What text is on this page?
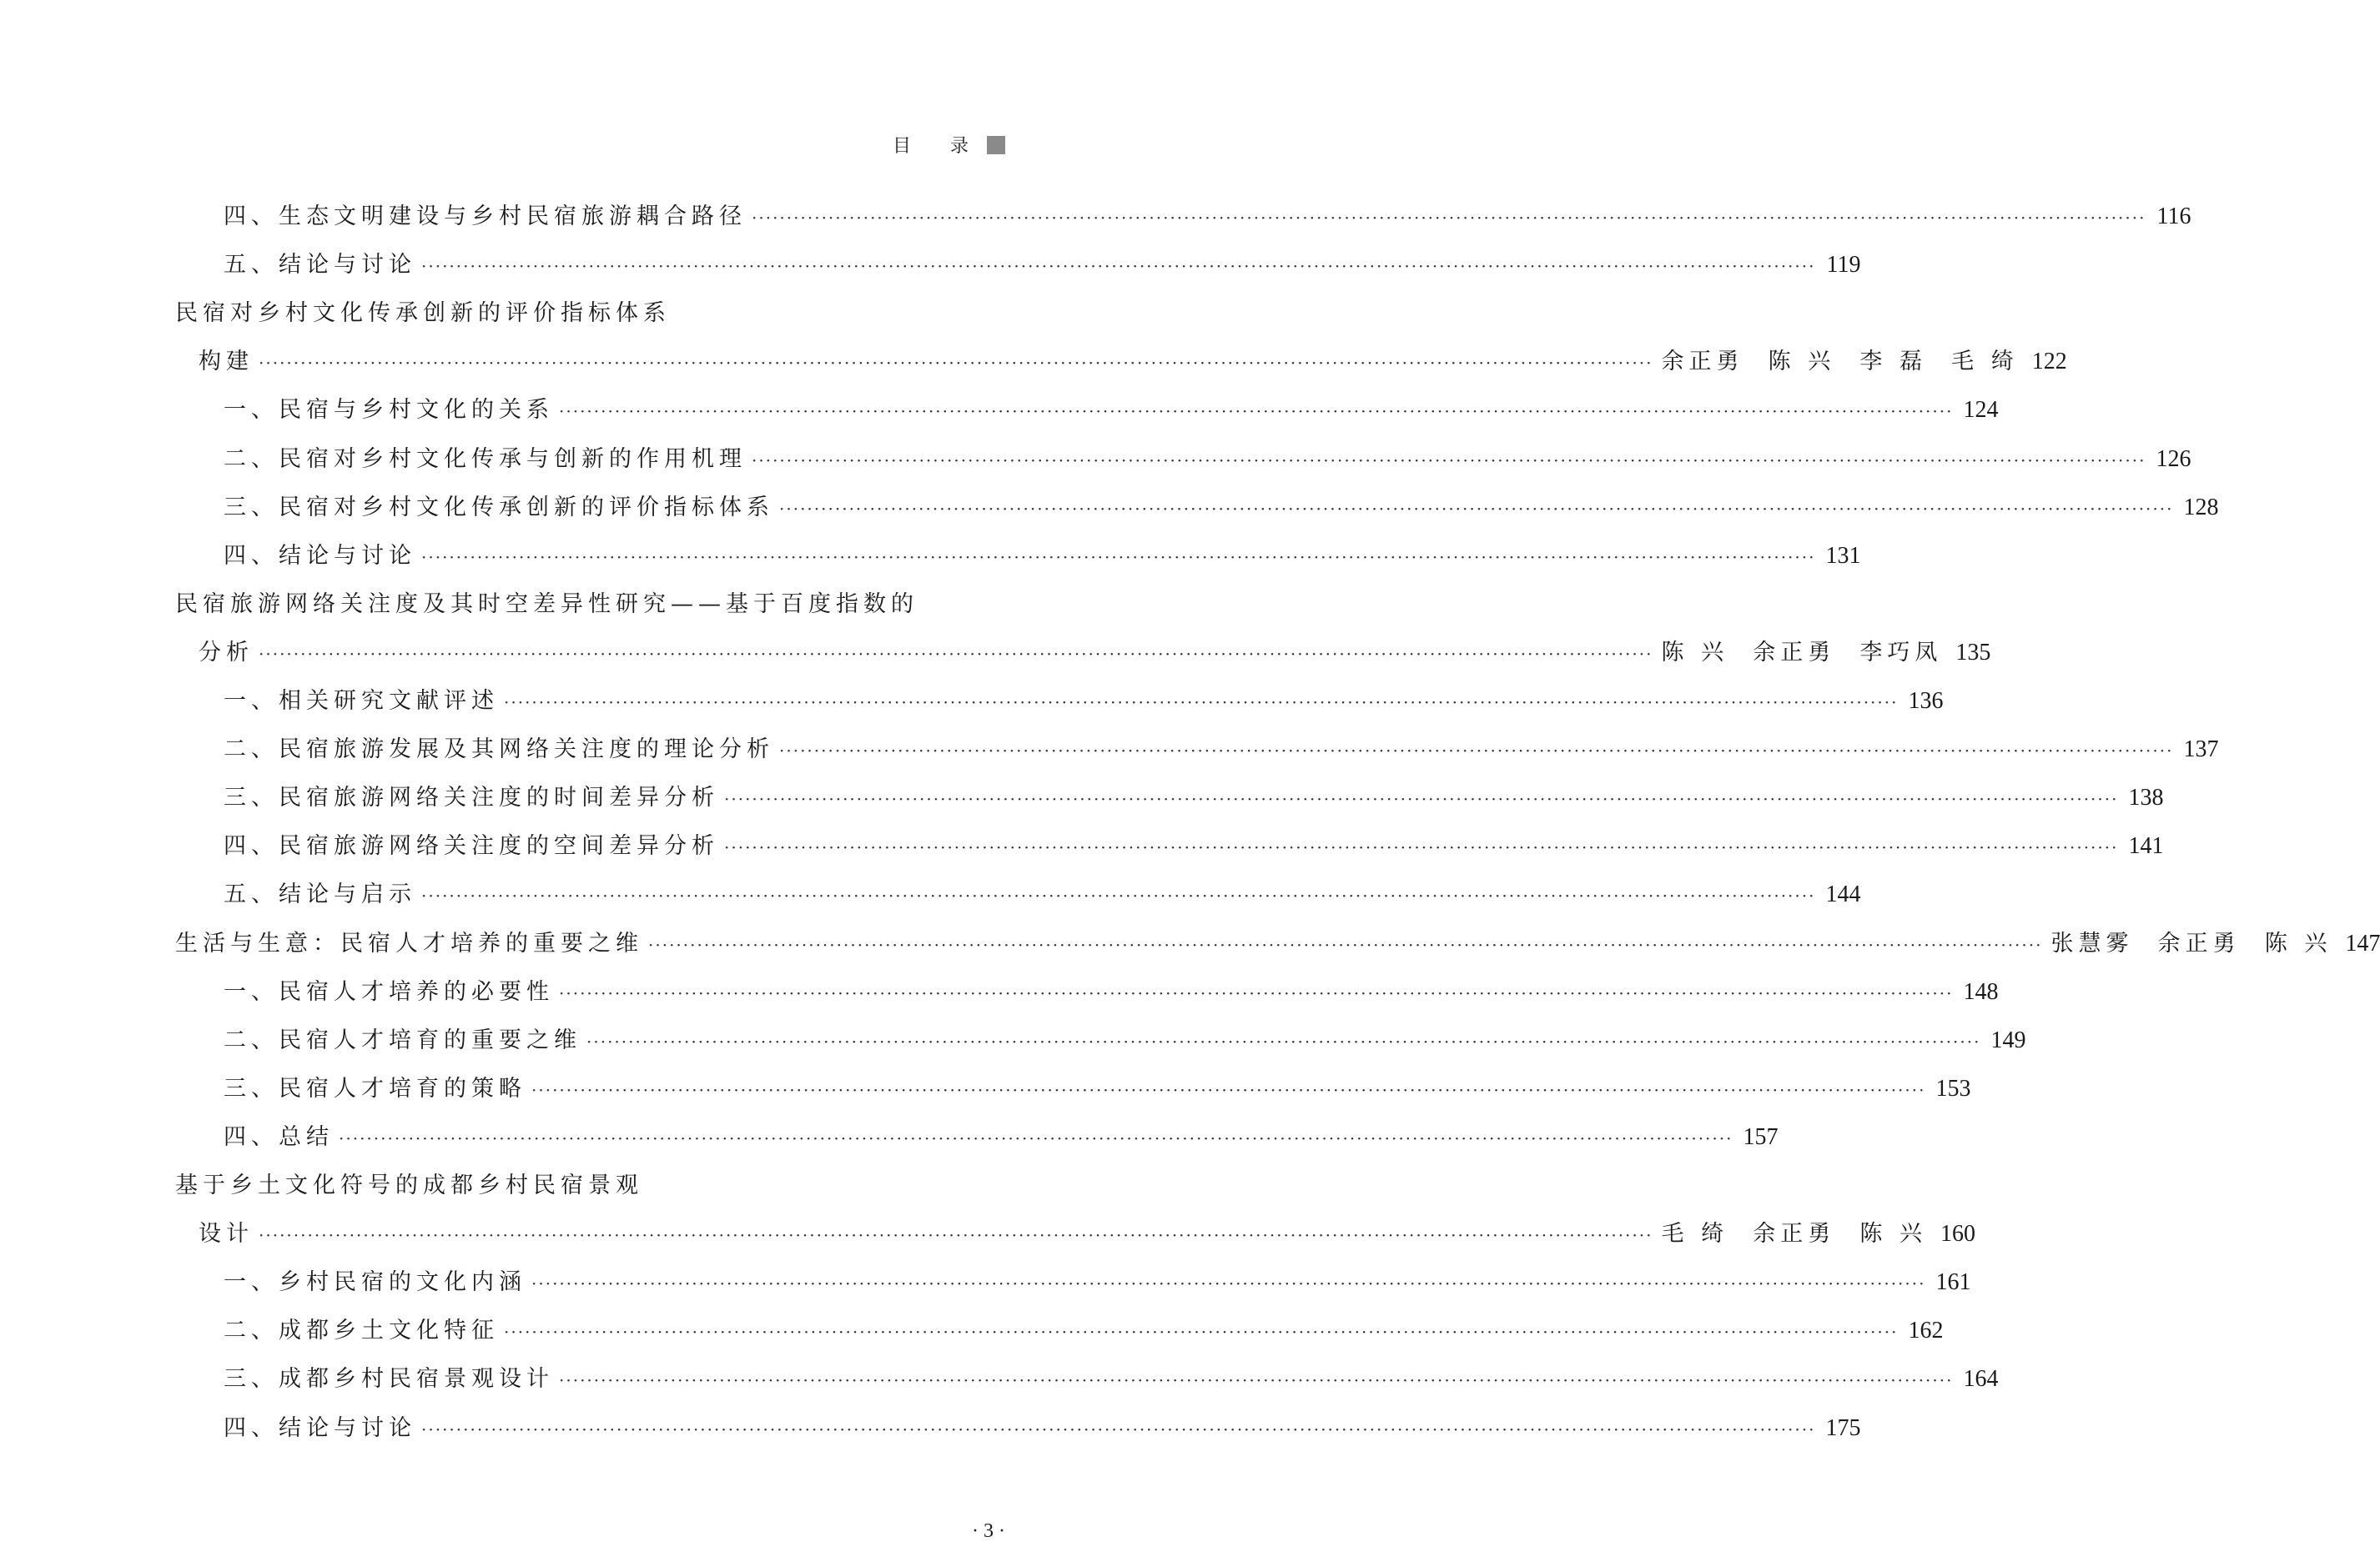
目 录
四、生态文明建设与乡村民宿旅游耦合路径 ········································································································································································································ 116
五、结论与讨论 ········································································································································································································ 119
民宿对乡村文化传承创新的评价指标体系
构建 ········································································································································································································ 余正勇  陈 兴  李 磊  毛 绮 122
一、民宿与乡村文化的关系 ········································································································································································································ 124
二、民宿对乡村文化传承与创新的作用机理 ········································································································································································································ 126
三、民宿对乡村文化传承创新的评价指标体系 ········································································································································································································ 128
四、结论与讨论 ········································································································································································································ 131
民宿旅游网络关注度及其时空差异性研究——基于百度指数的
分析 ········································································································································································································ 陈 兴  余正勇  李巧凤 135
一、相关研究文献评述 ········································································································································································································ 136
二、民宿旅游发展及其网络关注度的理论分析 ········································································································································································································ 137
三、民宿旅游网络关注度的时间差异分析 ········································································································································································································ 138
四、民宿旅游网络关注度的空间差异分析 ········································································································································································································ 141
五、结论与启示 ········································································································································································································ 144
生活与生意：民宿人才培养的重要之维 ········································································································································································································ 张慧雾  余正勇  陈 兴 147
一、民宿人才培养的必要性 ········································································································································································································ 148
二、民宿人才培育的重要之维 ········································································································································································································ 149
三、民宿人才培育的策略 ········································································································································································································ 153
四、总结 ········································································································································································································ 157
基于乡土文化符号的成都乡村民宿景观
设计 ········································································································································································································ 毛 绮  余正勇  陈 兴 160
一、乡村民宿的文化内涵 ········································································································································································································ 161
二、成都乡土文化特征 ········································································································································································································ 162
三、成都乡村民宿景观设计 ········································································································································································································ 164
四、结论与讨论 ········································································································································································································ 175
· 3 ·
